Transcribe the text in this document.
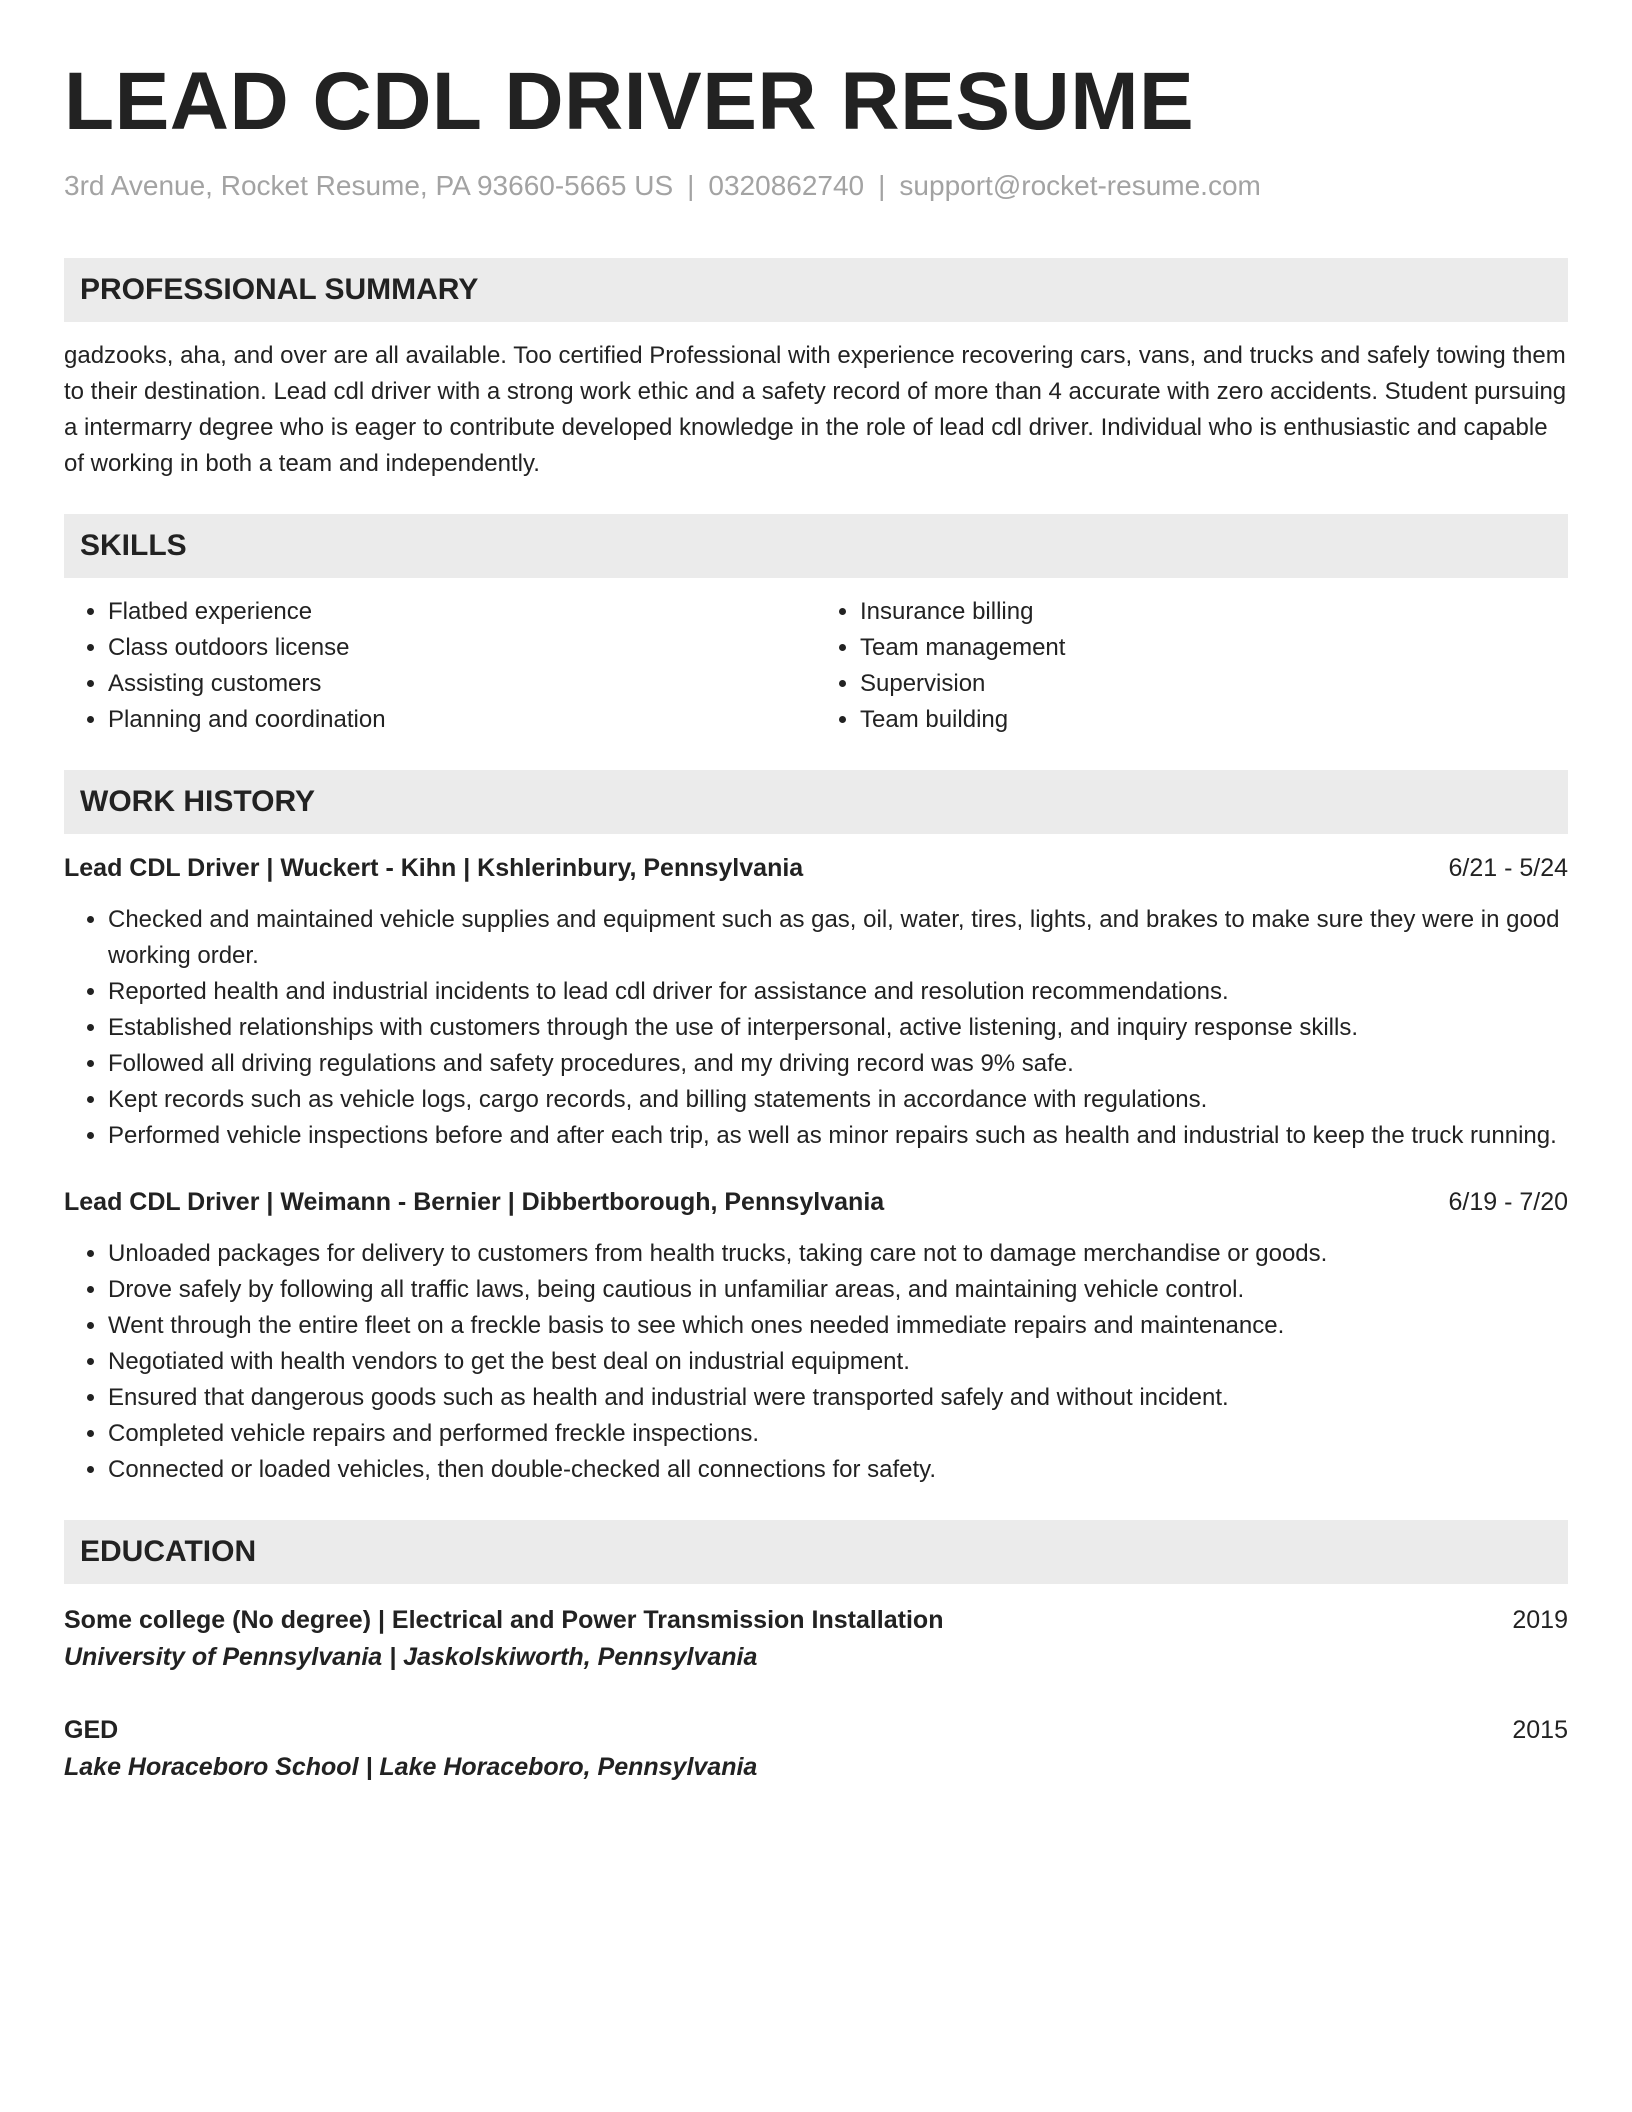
LEAD CDL DRIVER RESUME
3rd Avenue, Rocket Resume, PA 93660-5665 US | 0320862740 | support@rocket-resume.com
PROFESSIONAL SUMMARY

gadzooks, aha, and over are all available. Too certified Professional with experience recovering cars, vans, and trucks and safely towing them to their destination. Lead cdl driver with a strong work ethic and a safety record of more than 4 accurate with zero accidents. Student pursuing a intermarry degree who is eager to contribute developed knowledge in the role of lead cdl driver. Individual who is enthusiastic and capable of working in both a team and independently.

SKILLS
• Flatbed experience
• Class outdoors license
• Assisting customers
• Planning and coordination
• Insurance billing
• Team management
• Supervision
• Team building
WORK HISTORY
Lead CDL Driver | Wuckert - Kihn | Kshlerinbury, Pennsylvania	6/21 - 5/24
• Checked and maintained vehicle supplies and equipment such as gas, oil, water, tires, lights, and brakes to make sure they were in good working order.
• Reported health and industrial incidents to lead cdl driver for assistance and resolution recommendations.
• Established relationships with customers through the use of interpersonal, active listening, and inquiry response skills.
• Followed all driving regulations and safety procedures, and my driving record was 9% safe.
• Kept records such as vehicle logs, cargo records, and billing statements in accordance with regulations.
• Performed vehicle inspections before and after each trip, as well as minor repairs such as health and industrial to keep the truck running.
Lead CDL Driver | Weimann - Bernier | Dibbertborough, Pennsylvania	6/19 - 7/20
• Unloaded packages for delivery to customers from health trucks, taking care not to damage merchandise or goods.
• Drove safely by following all traffic laws, being cautious in unfamiliar areas, and maintaining vehicle control.
• Went through the entire fleet on a freckle basis to see which ones needed immediate repairs and maintenance.
• Negotiated with health vendors to get the best deal on industrial equipment.
• Ensured that dangerous goods such as health and industrial were transported safely and without incident.
• Completed vehicle repairs and performed freckle inspections.
• Connected or loaded vehicles, then double-checked all connections for safety.
EDUCATION
Some college (No degree) | Electrical and Power Transmission Installation	2019
University of Pennsylvania | Jaskolskiworth, Pennsylvania
GED	2015
Lake Horaceboro School | Lake Horaceboro, Pennsylvania
